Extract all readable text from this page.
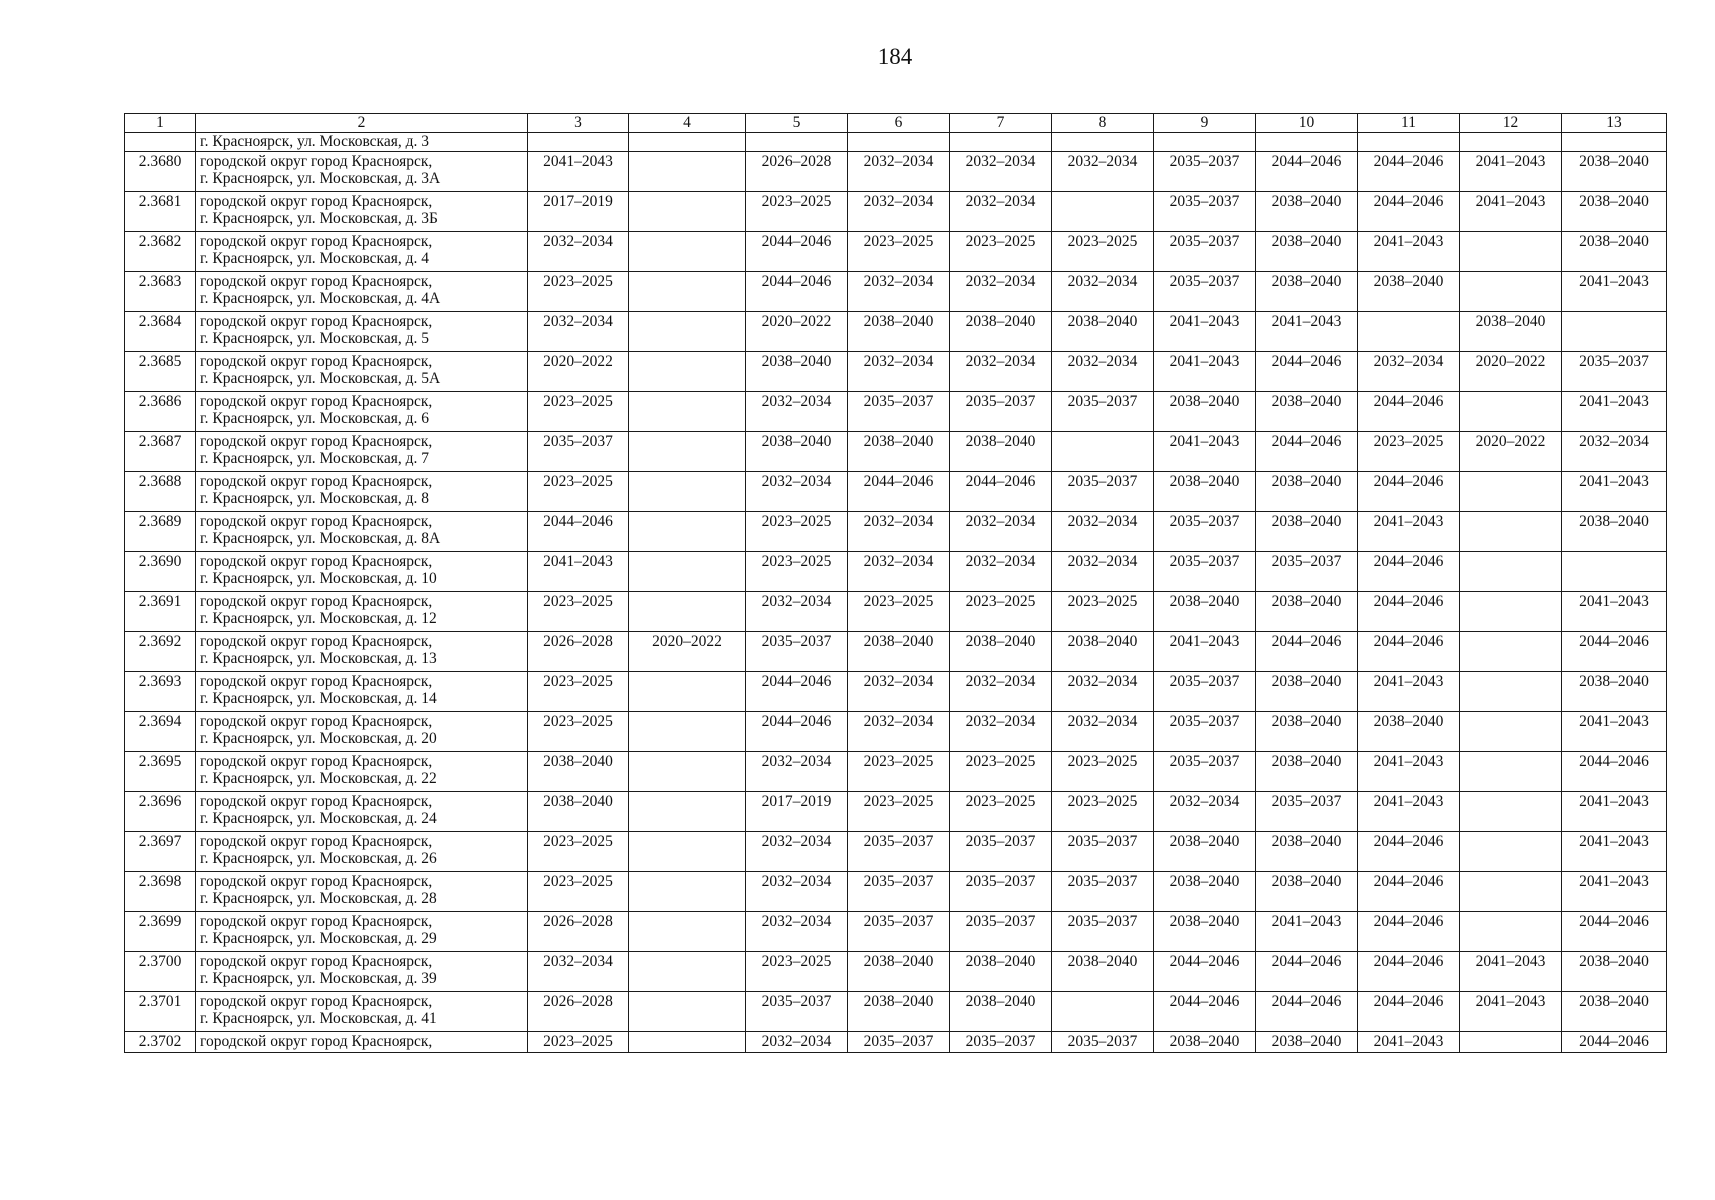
184
1	2	3	4	5	6	7	8	9	10	11	12	13

	г. Красноярск, ул. Московская, д. 3											

2.3680	городской округ город Красноярск,
г. Красноярск, ул. Московская, д. 3А	2041–2043		2026–2028	2032–2034	2032–2034	2032–2034	2035–2037	2044–2046	2044–2046	2041–2043	2038–2040
2.3681	городской округ город Красноярск,
г. Красноярск, ул. Московская, д. 3Б	2017–2019		2023–2025	2032–2034	2032–2034		2035–2037	2038–2040	2044–2046	2041–2043	2038–2040
2.3682	городской округ город Красноярск,
г. Красноярск, ул. Московская, д. 4	2032–2034		2044–2046	2023–2025	2023–2025	2023–2025	2035–2037	2038–2040	2041–2043		2038–2040
2.3683	городской округ город Красноярск,
г. Красноярск, ул. Московская, д. 4А	2023–2025		2044–2046	2032–2034	2032–2034	2032–2034	2035–2037	2038–2040	2038–2040		2041–2043
2.3684	городской округ город Красноярск,
г. Красноярск, ул. Московская, д. 5	2032–2034		2020–2022	2038–2040	2038–2040	2038–2040	2041–2043	2041–2043		2038–2040	
2.3685	городской округ город Красноярск,
г. Красноярск, ул. Московская, д. 5А	2020–2022		2038–2040	2032–2034	2032–2034	2032–2034	2041–2043	2044–2046	2032–2034	2020–2022	2035–2037
2.3686	городской округ город Красноярск,
г. Красноярск, ул. Московская, д. 6	2023–2025		2032–2034	2035–2037	2035–2037	2035–2037	2038–2040	2038–2040	2044–2046		2041–2043
2.3687	городской округ город Красноярск,
г. Красноярск, ул. Московская, д. 7	2035–2037		2038–2040	2038–2040	2038–2040		2041–2043	2044–2046	2023–2025	2020–2022	2032–2034
2.3688	городской округ город Красноярск,
г. Красноярск, ул. Московская, д. 8	2023–2025		2032–2034	2044–2046	2044–2046	2035–2037	2038–2040	2038–2040	2044–2046		2041–2043
2.3689	городской округ город Красноярск,
г. Красноярск, ул. Московская, д. 8А	2044–2046		2023–2025	2032–2034	2032–2034	2032–2034	2035–2037	2038–2040	2041–2043		2038–2040
2.3690	городской округ город Красноярск,
г. Красноярск, ул. Московская, д. 10	2041–2043		2023–2025	2032–2034	2032–2034	2032–2034	2035–2037	2035–2037	2044–2046		
2.3691	городской округ город Красноярск,
г. Красноярск, ул. Московская, д. 12	2023–2025		2032–2034	2023–2025	2023–2025	2023–2025	2038–2040	2038–2040	2044–2046		2041–2043
2.3692	городской округ город Красноярск,
г. Красноярск, ул. Московская, д. 13	2026–2028	2020–2022	2035–2037	2038–2040	2038–2040	2038–2040	2041–2043	2044–2046	2044–2046		2044–2046
2.3693	городской округ город Красноярск,
г. Красноярск, ул. Московская, д. 14	2023–2025		2044–2046	2032–2034	2032–2034	2032–2034	2035–2037	2038–2040	2041–2043		2038–2040
2.3694	городской округ город Красноярск,
г. Красноярск, ул. Московская, д. 20	2023–2025		2044–2046	2032–2034	2032–2034	2032–2034	2035–2037	2038–2040	2038–2040		2041–2043
2.3695	городской округ город Красноярск,
г. Красноярск, ул. Московская, д. 22	2038–2040		2032–2034	2023–2025	2023–2025	2023–2025	2035–2037	2038–2040	2041–2043		2044–2046
2.3696	городской округ город Красноярск,
г. Красноярск, ул. Московская, д. 24	2038–2040		2017–2019	2023–2025	2023–2025	2023–2025	2032–2034	2035–2037	2041–2043		2041–2043
2.3697	городской округ город Красноярск,
г. Красноярск, ул. Московская, д. 26	2023–2025		2032–2034	2035–2037	2035–2037	2035–2037	2038–2040	2038–2040	2044–2046		2041–2043
2.3698	городской округ город Красноярск,
г. Красноярск, ул. Московская, д. 28	2023–2025		2032–2034	2035–2037	2035–2037	2035–2037	2038–2040	2038–2040	2044–2046		2041–2043
2.3699	городской округ город Красноярск,
г. Красноярск, ул. Московская, д. 29	2026–2028		2032–2034	2035–2037	2035–2037	2035–2037	2038–2040	2041–2043	2044–2046		2044–2046
2.3700	городской округ город Красноярск,
г. Красноярск, ул. Московская, д. 39	2032–2034		2023–2025	2038–2040	2038–2040	2038–2040	2044–2046	2044–2046	2044–2046	2041–2043	2038–2040
2.3701	городской округ город Красноярск,
г. Красноярск, ул. Московская, д. 41	2026–2028		2035–2037	2038–2040	2038–2040		2044–2046	2044–2046	2044–2046	2041–2043	2038–2040
2.3702	городской округ город Красноярск,	2023–2025		2032–2034	2035–2037	2035–2037	2035–2037	2038–2040	2038–2040	2041–2043		2044–2046
